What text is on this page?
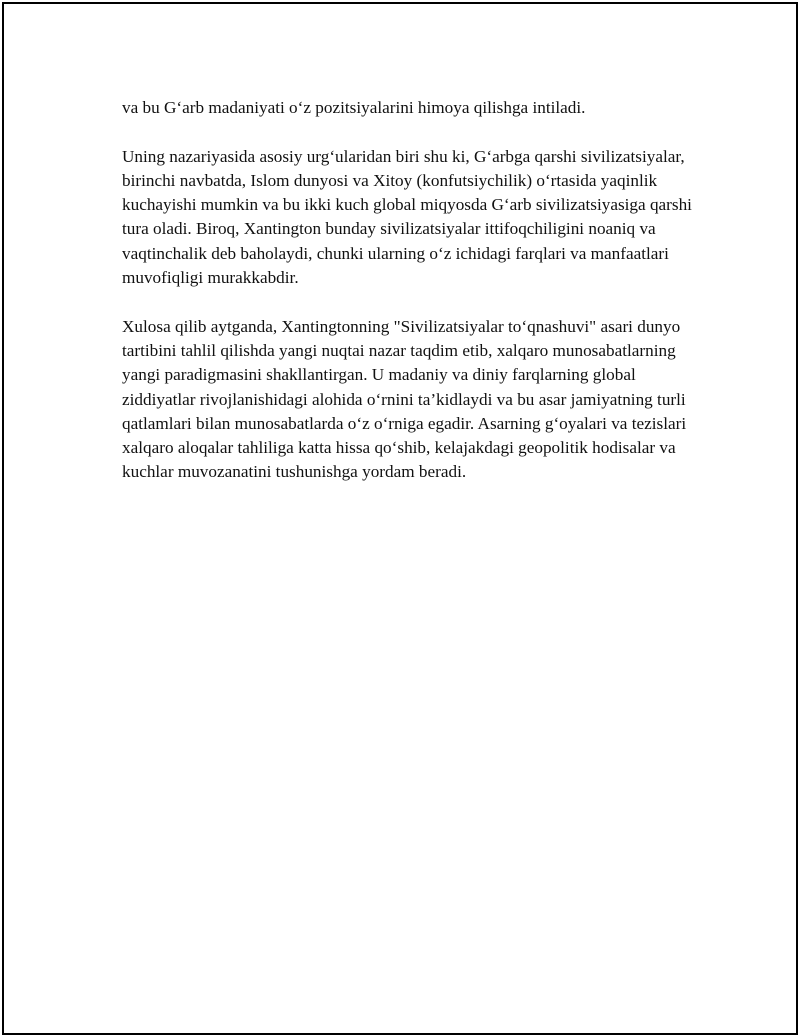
va bu G‘arb madaniyati o‘z pozitsiyalarini himoya qilishga intiladi.

Uning nazariyasida asosiy urg‘ularidan biri shu ki, G‘arbga qarshi sivilizatsiyalar, birinchi navbatda, Islom dunyosi va Xitoy (konfutsiychilik) o‘rtasida yaqinlik kuchayishi mumkin va bu ikki kuch global miqyosda G‘arb sivilizatsiyasiga qarshi tura oladi. Biroq, Xantington bunday sivilizatsiyalar ittifoqchiligini noaniq va vaqtinchalik deb baholaydi, chunki ularning o‘z ichidagi farqlari va manfaatlari muvofiqligi murakkabdir.

Xulosa qilib aytganda, Xantingtonning "Sivilizatsiyalar to‘qnashuvi" asari dunyo tartibini tahlil qilishda yangi nuqtai nazar taqdim etib, xalqaro munosabatlarning yangi paradigmasini shakllantirgan. U madaniy va diniy farqlarning global ziddiyatlar rivojlanishidagi alohida o‘rnini ta’kidlaydi va bu asar jamiyatning turli qatlamlari bilan munosabatlarda o‘z o‘rniga egadir. Asarning g‘oyalari va tezislari xalqaro aloqalar tahliliga katta hissa qo‘shib, kelajakdagi geopolitik hodisalar va kuchlar muvozanatini tushunishga yordam beradi.
